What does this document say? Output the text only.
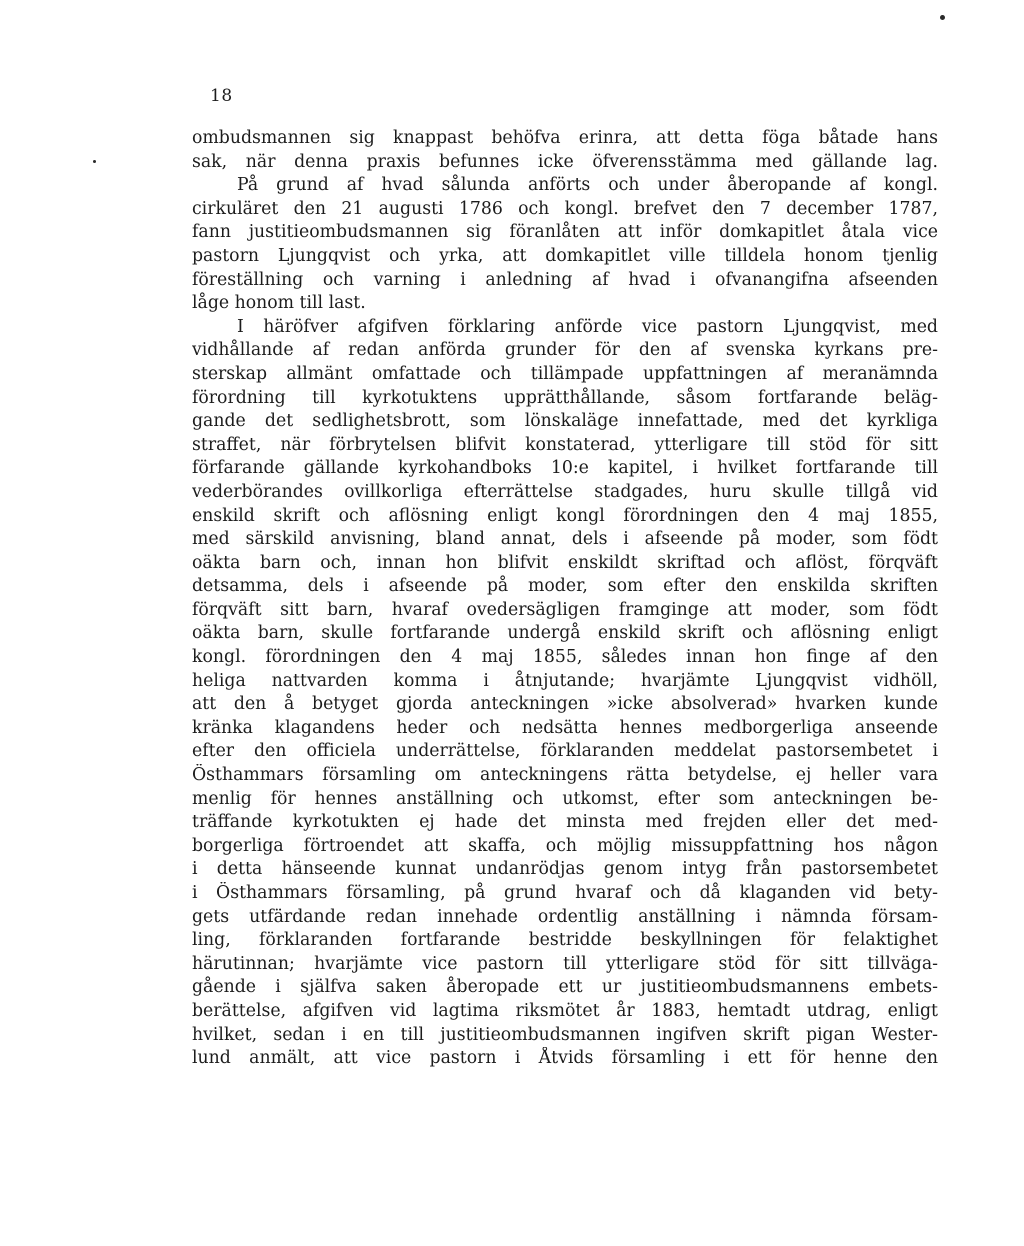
18
ombudsmannen sig knappast behöfva erinra, att detta föga båtade hans
sak, när denna praxis befunnes icke öfverensstämma med gällande lag.
På grund af hvad sålunda anförts och under åberopande af kongl.
cirkuläret den 21 augusti 1786 och kongl. brefvet den 7 december 1787,
fann justitieombudsmannen sig föranlåten att inför domkapitlet åtala vice
pastorn Ljungqvist och yrka, att domkapitlet ville tilldela honom tjenlig
föreställning och varning i anledning af hvad i ofvanangifna afseenden
låge honom till last.
I häröfver afgifven förklaring anförde vice pastorn Ljungqvist, med
vidhållande af redan anförda grunder för den af svenska kyrkans pre-
sterskap allmänt omfattade och tillämpade uppfattningen af meranämnda
förordning till kyrkotuktens upprätthållande, såsom fortfarande beläg-
gande det sedlighetsbrott, som lönskaläge innefattade, med det kyrkliga
straffet, när förbrytelsen blifvit konstaterad, ytterligare till stöd för sitt
förfarande gällande kyrkohandboks 10:e kapitel, i hvilket fortfarande till
vederbörandes ovillkorliga efterrättelse stadgades, huru skulle tillgå vid
enskild skrift och aflösning enligt kongl förordningen den 4 maj 1855,
med särskild anvisning, bland annat, dels i afseende på moder, som födt
oäkta barn och, innan hon blifvit enskildt skriftad och aflöst, förqväft
detsamma, dels i afseende på moder, som efter den enskilda skriften
förqväft sitt barn, hvaraf ovedersägligen framginge att moder, som födt
oäkta barn, skulle fortfarande undergå enskild skrift och aflösning enligt
kongl. förordningen den 4 maj 1855, således innan hon finge af den
heliga nattvarden komma i åtnjutande; hvarjämte Ljungqvist vidhöll,
att den å betyget gjorda anteckningen »icke absolverad» hvarken kunde
kränka klagandens heder och nedsätta hennes medborgerliga anseende
efter den officiela underrättelse, förklaranden meddelat pastorsembetet i
Östhammars församling om anteckningens rätta betydelse, ej heller vara
menlig för hennes anställning och utkomst, efter som anteckningen be-
träffande kyrkotukten ej hade det minsta med frejden eller det med-
borgerliga förtroendet att skaffa, och möjlig missuppfattning hos någon
i detta hänseende kunnat undanrödjas genom intyg från pastorsembetet
i Östhammars församling, på grund hvaraf och då klaganden vid bety-
gets utfärdande redan innehade ordentlig anställning i nämnda försam-
ling, förklaranden fortfarande bestridde beskyllningen för felaktighet
härutinnan; hvarjämte vice pastorn till ytterligare stöd för sitt tillväga-
gående i själfva saken åberopade ett ur justitieombudsmannens embets-
berättelse, afgifven vid lagtima riksmötet år 1883, hemtadt utdrag, enligt
hvilket, sedan i en till justitieombudsmannen ingifven skrift pigan Wester-
lund anmält, att vice pastorn i Åtvids församling i ett för henne den
